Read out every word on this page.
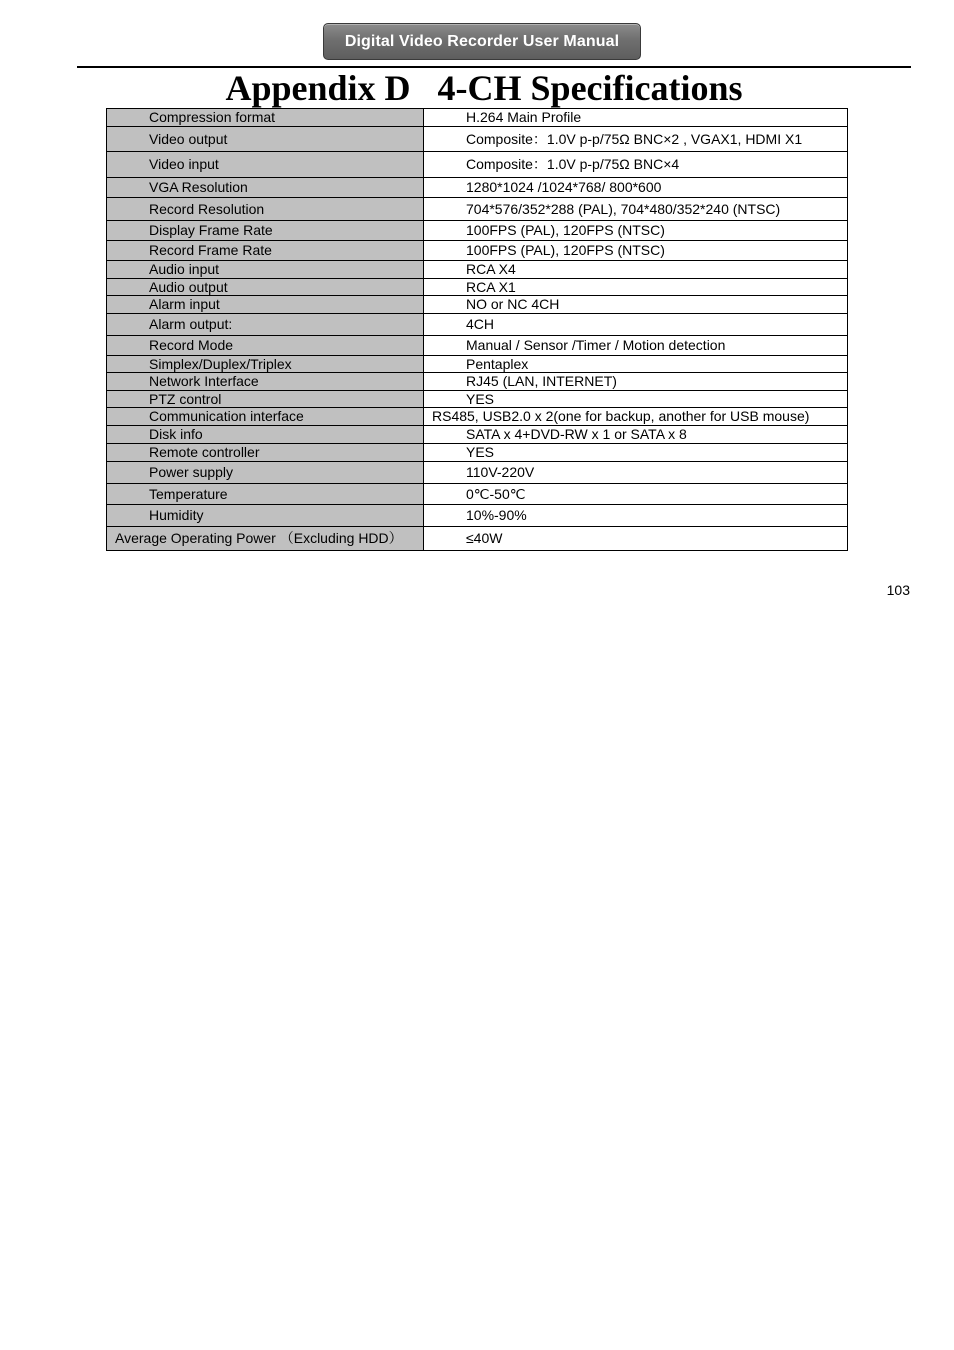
Digital Video Recorder User Manual
Appendix D   4-CH Specifications
Compression format	H.264 Main Profile
Video output	Composite：1.0V p-p/75Ω BNC×2 , VGAX1, HDMI X1
Video input	Composite：1.0V p-p/75Ω BNC×4
VGA Resolution	1280*1024 /1024*768/ 800*600
Record Resolution	704*576/352*288 (PAL), 704*480/352*240 (NTSC)
Display Frame Rate	100FPS (PAL), 120FPS (NTSC)
Record Frame Rate	100FPS (PAL), 120FPS (NTSC)
Audio input	RCA X4
Audio output	RCA X1
Alarm input	NO or NC 4CH
Alarm output:	4CH
Record Mode	Manual / Sensor /Timer / Motion detection
Simplex/Duplex/Triplex	Pentaplex
Network Interface	RJ45 (LAN, INTERNET)
PTZ control	YES
Communication interface	RS485, USB2.0 x 2(one for backup, another for USB mouse)
Disk info	SATA x 4+DVD-RW x 1 or SATA x 8
Remote controller	YES
Power supply	110V-220V
Temperature	0℃-50℃
Humidity	10%-90%
Average Operating Power （Excluding HDD）	≤40W
103
